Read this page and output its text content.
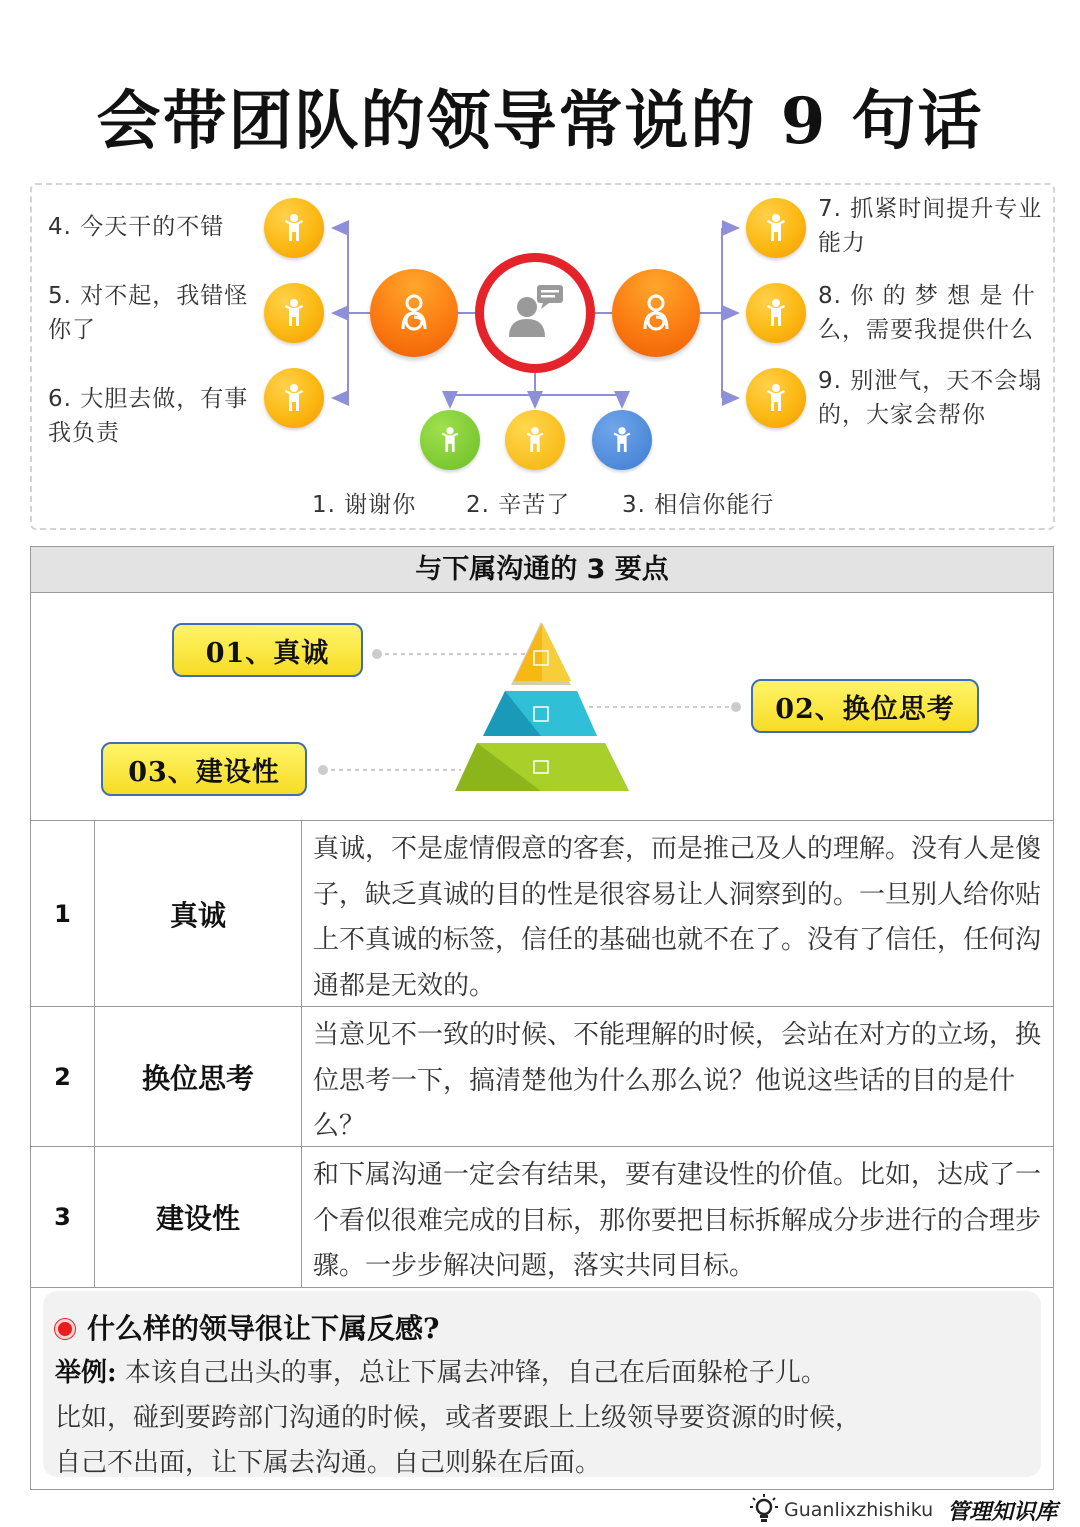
会带团队的领导常说的 9 句话
4. 今天干的不错
5. 对不起，我错怪你了
6. 大胆去做，有事我负责
7. 抓紧时间提升专业能力
8. 你 的 梦 想 是 什 么，需要我提供什么
9. 别泄气，天不会塌的，大家会帮你
1. 谢谢你 2. 辛苦了 3. 相信你能行
与下属沟通的 3 要点
01、真诚
02、换位思考
03、建设性
1	真诚
真诚，不是虚情假意的客套，而是推己及人的理解。没有人是傻子，缺乏真诚的目的性是很容易让人洞察到的。一旦别人给你贴上不真诚的标签，信任的基础也就不在了。没有了信任，任何沟通都是无效的。
2	换位思考
当意见不一致的时候、不能理解的时候，会站在对方的立场，换位思考一下，搞清楚他为什么那么说？他说这些话的目的是什么？
3	建设性
和下属沟通一定会有结果，要有建设性的价值。比如，达成了一个看似很难完成的目标，那你要把目标拆解成分步进行的合理步骤。一步步解决问题，落实共同目标。
什么样的领导很让下属反感?
举例: 本该自己出头的事，总让下属去冲锋，自己在后面躲枪子儿。
比如，碰到要跨部门沟通的时候，或者要跟上上级领导要资源的时候，
自己不出面，让下属去沟通。自己则躲在后面。
Guanlixzhishiku 管理知识库
